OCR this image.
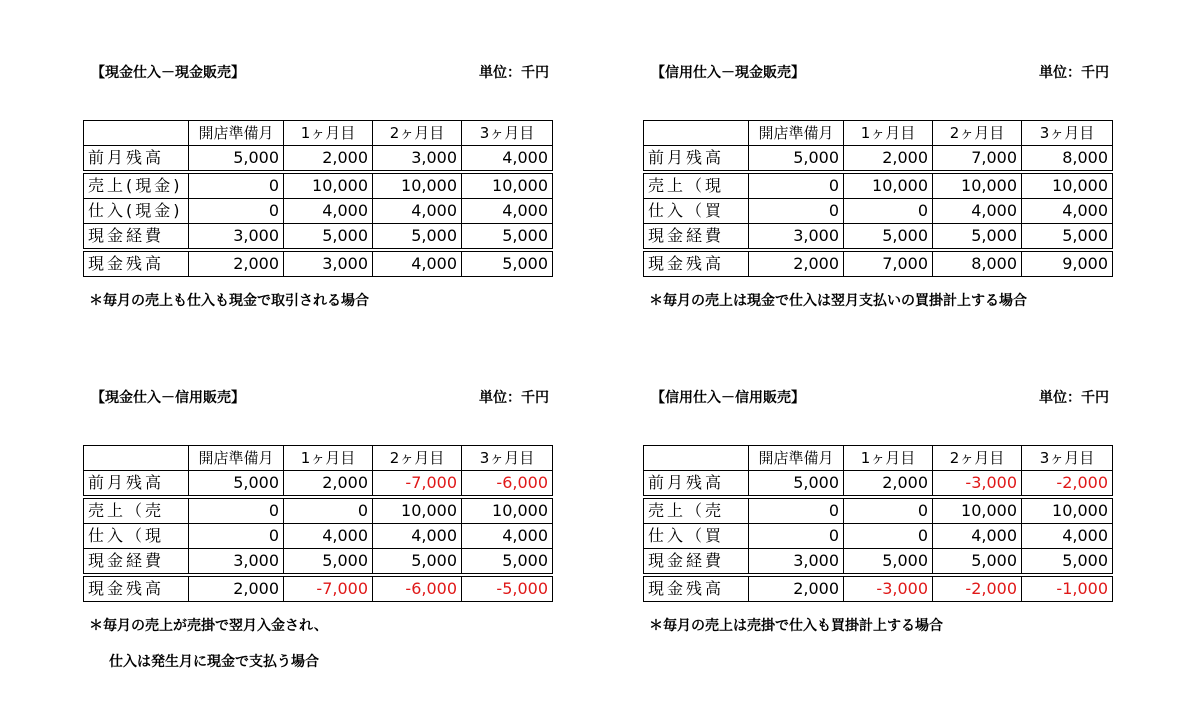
【現金仕入－現金販売】	単位：千円
	開店準備月	1ヶ月目	2ヶ月目	3ヶ月目
前月残高	5,000	2,000	3,000	4,000
売上(現金)	0	10,000	10,000	10,000
仕入(現金)	0	4,000	4,000	4,000
現金経費	3,000	5,000	5,000	5,000
現金残高	2,000	3,000	4,000	5,000
＊毎月の売上も仕入も現金で取引される場合
【信用仕入－現金販売】	単位：千円
	開店準備月	1ヶ月目	2ヶ月目	3ヶ月目
前月残高	5,000	2,000	7,000	8,000
売上（現	0	10,000	10,000	10,000
仕入（買	0	0	4,000	4,000
現金経費	3,000	5,000	5,000	5,000
現金残高	2,000	7,000	8,000	9,000
＊毎月の売上は現金で仕入は翌月支払いの買掛計上する場合
【現金仕入－信用販売】	単位：千円
	開店準備月	1ヶ月目	2ヶ月目	3ヶ月目
前月残高	5,000	2,000	-7,000	-6,000
売上（売	0	0	10,000	10,000
仕入（現	0	4,000	4,000	4,000
現金経費	3,000	5,000	5,000	5,000
現金残高	2,000	-7,000	-6,000	-5,000
＊毎月の売上が売掛で翌月入金され、
仕入は発生月に現金で支払う場合
【信用仕入－信用販売】	単位：千円
	開店準備月	1ヶ月目	2ヶ月目	3ヶ月目
前月残高	5,000	2,000	-3,000	-2,000
売上（売	0	0	10,000	10,000
仕入（買	0	0	4,000	4,000
現金経費	3,000	5,000	5,000	5,000
現金残高	2,000	-3,000	-2,000	-1,000
＊毎月の売上は売掛で仕入も買掛計上する場合
